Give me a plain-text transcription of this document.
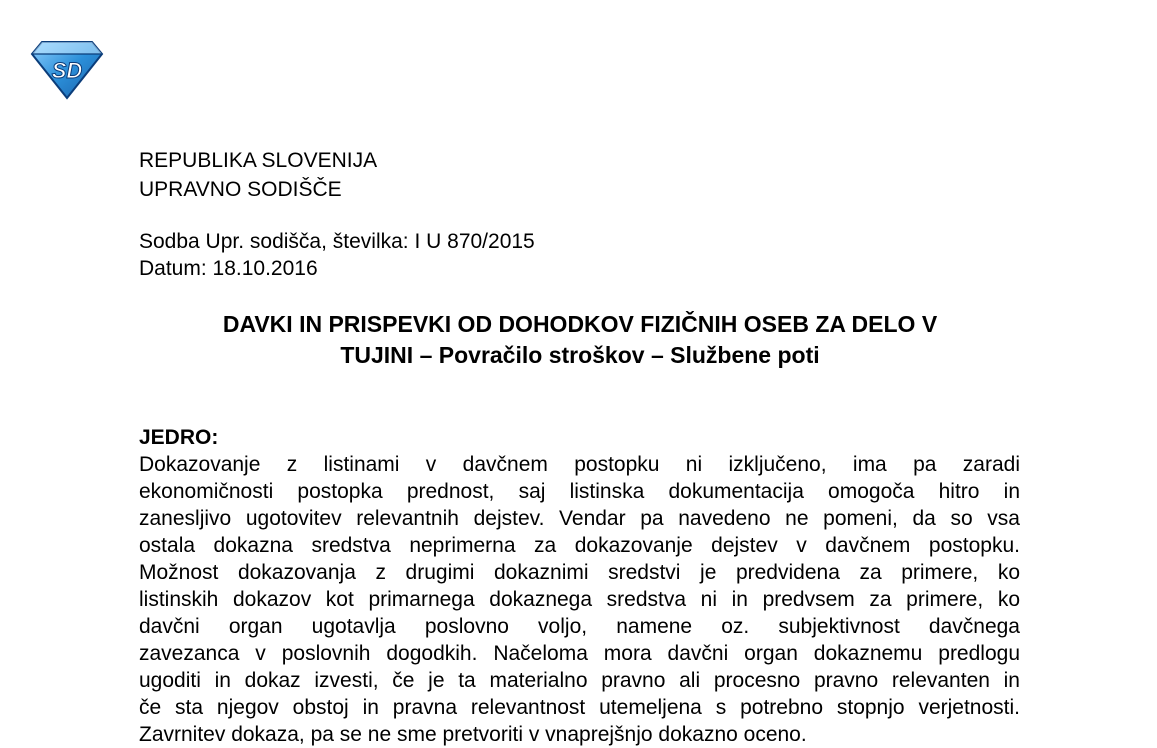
SD
REPUBLIKA SLOVENIJA
UPRAVNO SODIŠČE
Sodba Upr. sodišča, številka: I U 870/2015
Datum: 18.10.2016
DAVKI IN PRISPEVKI OD DOHODKOV FIZIČNIH OSEB ZA DELO V
TUJINI – Povračilo stroškov – Službene poti
JEDRO:
Dokazovanje z listinami v davčnem postopku ni izključeno, ima pa zaradi
ekonomičnosti postopka prednost, saj listinska dokumentacija omogoča hitro in
zanesljivo ugotovitev relevantnih dejstev. Vendar pa navedeno ne pomeni, da so vsa
ostala dokazna sredstva neprimerna za dokazovanje dejstev v davčnem postopku.
Možnost dokazovanja z drugimi dokaznimi sredstvi je predvidena za primere, ko
listinskih dokazov kot primarnega dokaznega sredstva ni in predvsem za primere, ko
davčni organ ugotavlja poslovno voljo, namene oz. subjektivnost davčnega
zavezanca v poslovnih dogodkih. Načeloma mora davčni organ dokaznemu predlogu
ugoditi in dokaz izvesti, če je ta materialno pravno ali procesno pravno relevanten in
če sta njegov obstoj in pravna relevantnost utemeljena s potrebno stopnjo verjetnosti.
Zavrnitev dokaza, pa se ne sme pretvoriti v vnaprejšnjo dokazno oceno.
